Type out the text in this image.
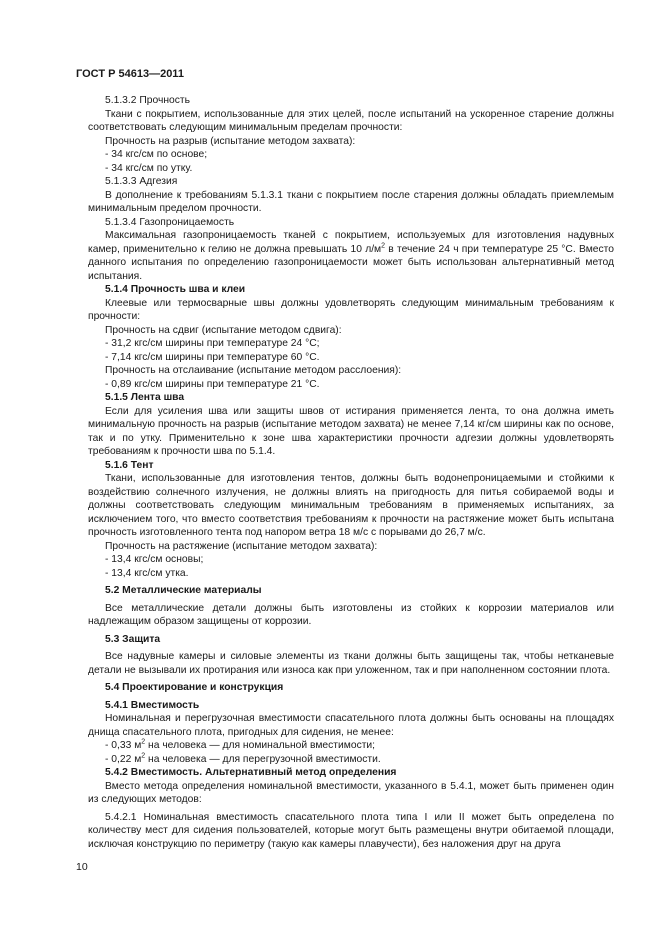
ГОСТ Р 54613—2011

5.1.3.2 Прочность

Ткани с покрытием, использованные для этих целей, после испытаний на ускоренное старение должны соответствовать следующим минимальным пределам прочности:

Прочность на разрыв (испытание методом захвата):

- 34 кгс/см по основе;

- 34 кгс/см по утку.

5.1.3.3 Адгезия

В дополнение к требованиям 5.1.3.1 ткани с покрытием после старения должны обладать приемлемым минимальным пределом прочности.

5.1.3.4 Газопроницаемость

Максимальная газопроницаемость тканей с покрытием, используемых для изготовления надувных камер, применительно к гелию не должна превышать 10 $л/м^2$ в течение 24 ч при температуре 25 °С. Вместо данного испытания по определению газопроницаемости может быть использован альтернативный метод испытания.

5.1.4 Прочность шва и клеи

Клеевые или термосварные швы должны удовлетворять следующим минимальным требованиям к прочности:

Прочность на сдвиг (испытание методом сдвига):

- 31,2 кгс/см ширины при температуре 24 °С;

- 7,14 кгс/см ширины при температуре 60 °С.

Прочность на отслаивание (испытание методом расслоения):

- 0,89 кгс/см ширины при температуре 21 °С.

5.1.5 Лента шва

Если для усиления шва или защиты швов от истирания применяется лента, то она должна иметь минимальную прочность на разрыв (испытание методом захвата) не менее 7,14 кг/см ширины как по основе, так и по утку. Применительно к зоне шва характеристики прочности адгезии должны удовлетворять требованиям к прочности шва по 5.1.4.

5.1.6 Тент

Ткани, использованные для изготовления тентов, должны быть водонепроницаемыми и стойкими к воздействию солнечного излучения, не должны влиять на пригодность для питья собираемой воды и должны соответствовать следующим минимальным требованиям в применяемых испытаниях, за исключением того, что вместо соответствия требованиям к прочности на растяжение может быть испытана прочность изготовленного тента под напором ветра 18 м/с с порывами до 26,7 м/с.

Прочность на растяжение (испытание методом захвата):

- 13,4 кгс/см основы;

- 13,4 кгс/см утка.

5.2 Металлические материалы

Все металлические детали должны быть изготовлены из стойких к коррозии материалов или надлежащим образом защищены от коррозии.

5.3 Защита

Все надувные камеры и силовые элементы из ткани должны быть защищены так, чтобы нетканевые детали не вызывали их протирания или износа как при уложенном, так и при наполненном состоянии плота.

5.4 Проектирование и конструкция

5.4.1 Вместимость

Номинальная и перегрузочная вместимости спасательного плота должны быть основаны на площадях днища спасательного плота, пригодных для сидения, не менее:

- 0,33 $м^2$ на человека — для номинальной вместимости;

- 0,22 $м^2$ на человека — для перегрузочной вместимости.

5.4.2 Вместимость. Альтернативный метод определения

Вместо метода определения номинальной вместимости, указанного в 5.4.1, может быть применен один из следующих методов:

5.4.2.1 Номинальная вместимость спасательного плота типа I или II может быть определена по количеству мест для сидения пользователей, которые могут быть размещены внутри обитаемой площади, исключая конструкцию по периметру (такую как камеры плавучести), без наложения друг на друга

10
